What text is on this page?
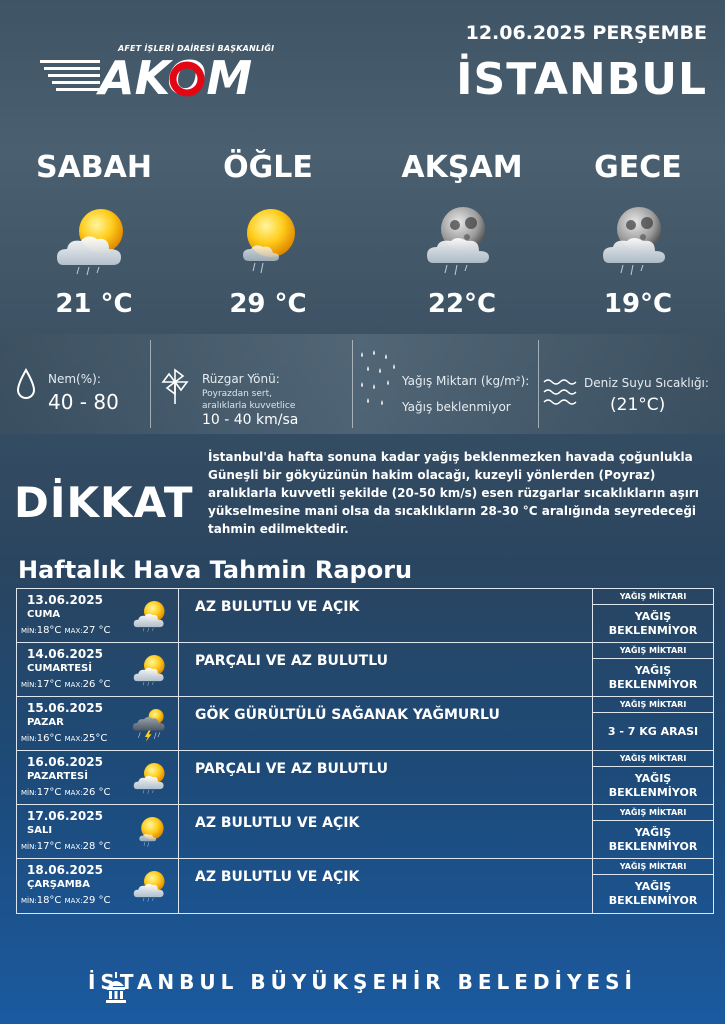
AFET İŞLERİ DAİRESİ BAŞKANLIĞI
AKOM
12.06.2025 PERŞEMBE
İSTANBUL
SABAH
21 °C
ÖĞLE
29 °C
AKŞAM
22°C
GECE
19°C
Nem(%):
40 - 80
Rüzgar Yönü:
Poyrazdan sert,
aralıklarla kuvvetlice
10 - 40 km/sa
Yağış Miktarı (kg/m²):
Yağış beklenmiyor
Deniz Suyu Sıcaklığı:
(21°C)
DİKKAT
İstanbul'da hafta sonuna kadar yağış beklenmezken havada çoğunlukla Güneşli bir gökyüzünün hakim olacağı, kuzeyli yönlerden (Poyraz) aralıklarla kuvvetli şekilde (20-50 km/s) esen rüzgarlar sıcaklıkların aşırı yükselmesine mani olsa da sıcaklıkların 28-30 °C aralığında seyredeceği tahmin edilmektedir.
Haftalık Hava Tahmin Raporu
13.06.2025
CUMA
MİN:18°C MAX:27 °C
AZ BULUTLU VE AÇIK
YAĞIŞ MİKTARI
YAĞIŞ
BEKLENMİYOR
14.06.2025
CUMARTESİ
MİN:17°C MAX:26 °C
PARÇALI VE AZ BULUTLU
YAĞIŞ MİKTARI
YAĞIŞ
BEKLENMİYOR
15.06.2025
PAZAR
MİN:16°C MAX:25°C
GÖK GÜRÜLTÜLÜ SAĞANAK YAĞMURLU
YAĞIŞ MİKTARI
3 - 7 KG ARASI
16.06.2025
PAZARTESİ
MİN:17°C MAX:26 °C
PARÇALI VE AZ BULUTLU
YAĞIŞ MİKTARI
YAĞIŞ
BEKLENMİYOR
17.06.2025
SALI
MİN:17°C MAX:28 °C
AZ BULUTLU VE AÇIK
YAĞIŞ MİKTARI
YAĞIŞ
BEKLENMİYOR
18.06.2025
ÇARŞAMBA
MİN:18°C MAX:29 °C
AZ BULUTLU VE AÇIK
YAĞIŞ MİKTARI
YAĞIŞ
BEKLENMİYOR
İSTANBUL BÜYÜKŞEHİR BELEDİYESİ
